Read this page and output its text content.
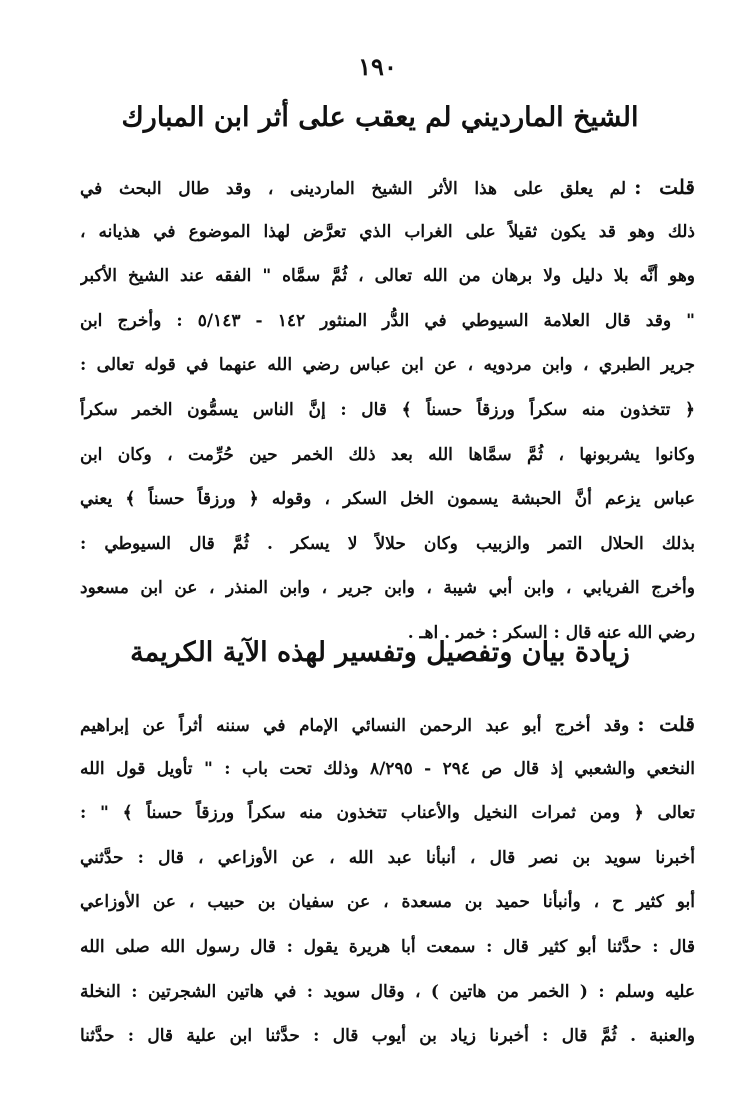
١٩٠
الشيخ المارديني لم يعقب على أثر ابن المبارك
قلت :لم يعلق على هذا الأثر الشيخ الماردينى ، وقد طال البحث في
ذلك وهو قد يكون ثقيلاً على الغراب الذي تعرَّض لهذا الموضوع في هذيانه ،
وهو أنَّه بلا دليل ولا برهان من الله تعالى ، ثُمَّ سمَّاه " الفقه عند الشيخ الأكبر
" وقد قال العلامة السيوطي في الدُّر المنثور ١٤٢ - ٥/١٤٣ : وأخرج ابن
جرير الطبري ، وابن مردويه ، عن ابن عباس رضي الله عنهما في قوله تعالى :
﴿ تتخذون منه سكراً ورزقاً حسناً ﴾ قال : إنَّ الناس يسمُّون الخمر سكراً
وكانوا يشربونها ، ثُمَّ سمَّاها الله بعد ذلك الخمر حين حُرِّمت ، وكان ابن
عباس يزعم أنَّ الحبشة يسمون الخل السكر ، وقوله ﴿ ورزقاً حسناً ﴾ يعني
بذلك الحلال التمر والزبيب وكان حلالاً لا يسكر . ثُمَّ قال السيوطي :
وأخرج الفريابي ، وابن أبي شيبة ، وابن جرير ، وابن المنذر ، عن ابن مسعود
رضي الله عنه قال : السكر : خمر . اهـ .
زيادة بيان وتفصيل وتفسير لهذه الآية الكريمة
قلت :وقد أخرج أبو عبد الرحمن النسائي الإمام في سننه أثراً عن إبراهيم
النخعي والشعبي إذ قال ص ٢٩٤ - ٨/٢٩٥ وذلك تحت باب : " تأويل قول الله
تعالى ﴿ ومن ثمرات النخيل والأعناب تتخذون منه سكراً ورزقاً حسناً ﴾ " :
أخبرنا سويد بن نصر قال ، أنبأنا عبد الله ، عن الأوزاعي ، قال : حدَّثني
أبو كثير ح ، وأنبأنا حميد بن مسعدة ، عن سفيان بن حبيب ، عن الأوزاعي
قال : حدَّثنا أبو كثير قال : سمعت أبا هريرة يقول : قال رسول الله صلى الله
عليه وسلم : ( الخمر من هاتين ) ، وقال سويد : في هاتين الشجرتين : النخلة
والعنبة . ثُمَّ قال : أخبرنا زياد بن أيوب قال : حدَّثنا ابن علية قال : حدَّثنا
